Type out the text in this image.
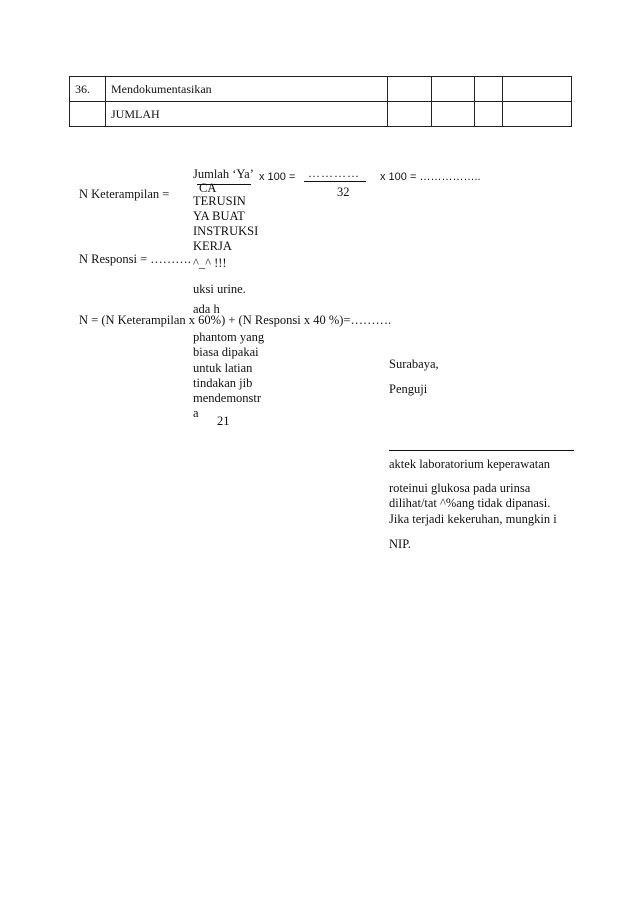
36.	Mendokumentasikan				
	JUMLAH				
Jumlah ‘Ya’ x 100 = ………… x 100 = ……………..
CA
N Keterampilan =	32
TERUSIN
YA BUAT
INSTRUKSI
KERJA
N Responsi = ………. ^_^ !!!
uksi urine.
ada h
N = (N Keterampilan x 60%) + (N Responsi x 40 %)=……….
phantom yang
biasa dipakai
untuk latian
tindakan jib
mendemonstr
a
21
Surabaya,
Penguji
aktek laboratorium keperawatan
roteinui glukosa pada urinsa
dilihat/tat ^%ang tidak dipanasi.
Jika terjadi kekeruhan, mungkin i
NIP.
